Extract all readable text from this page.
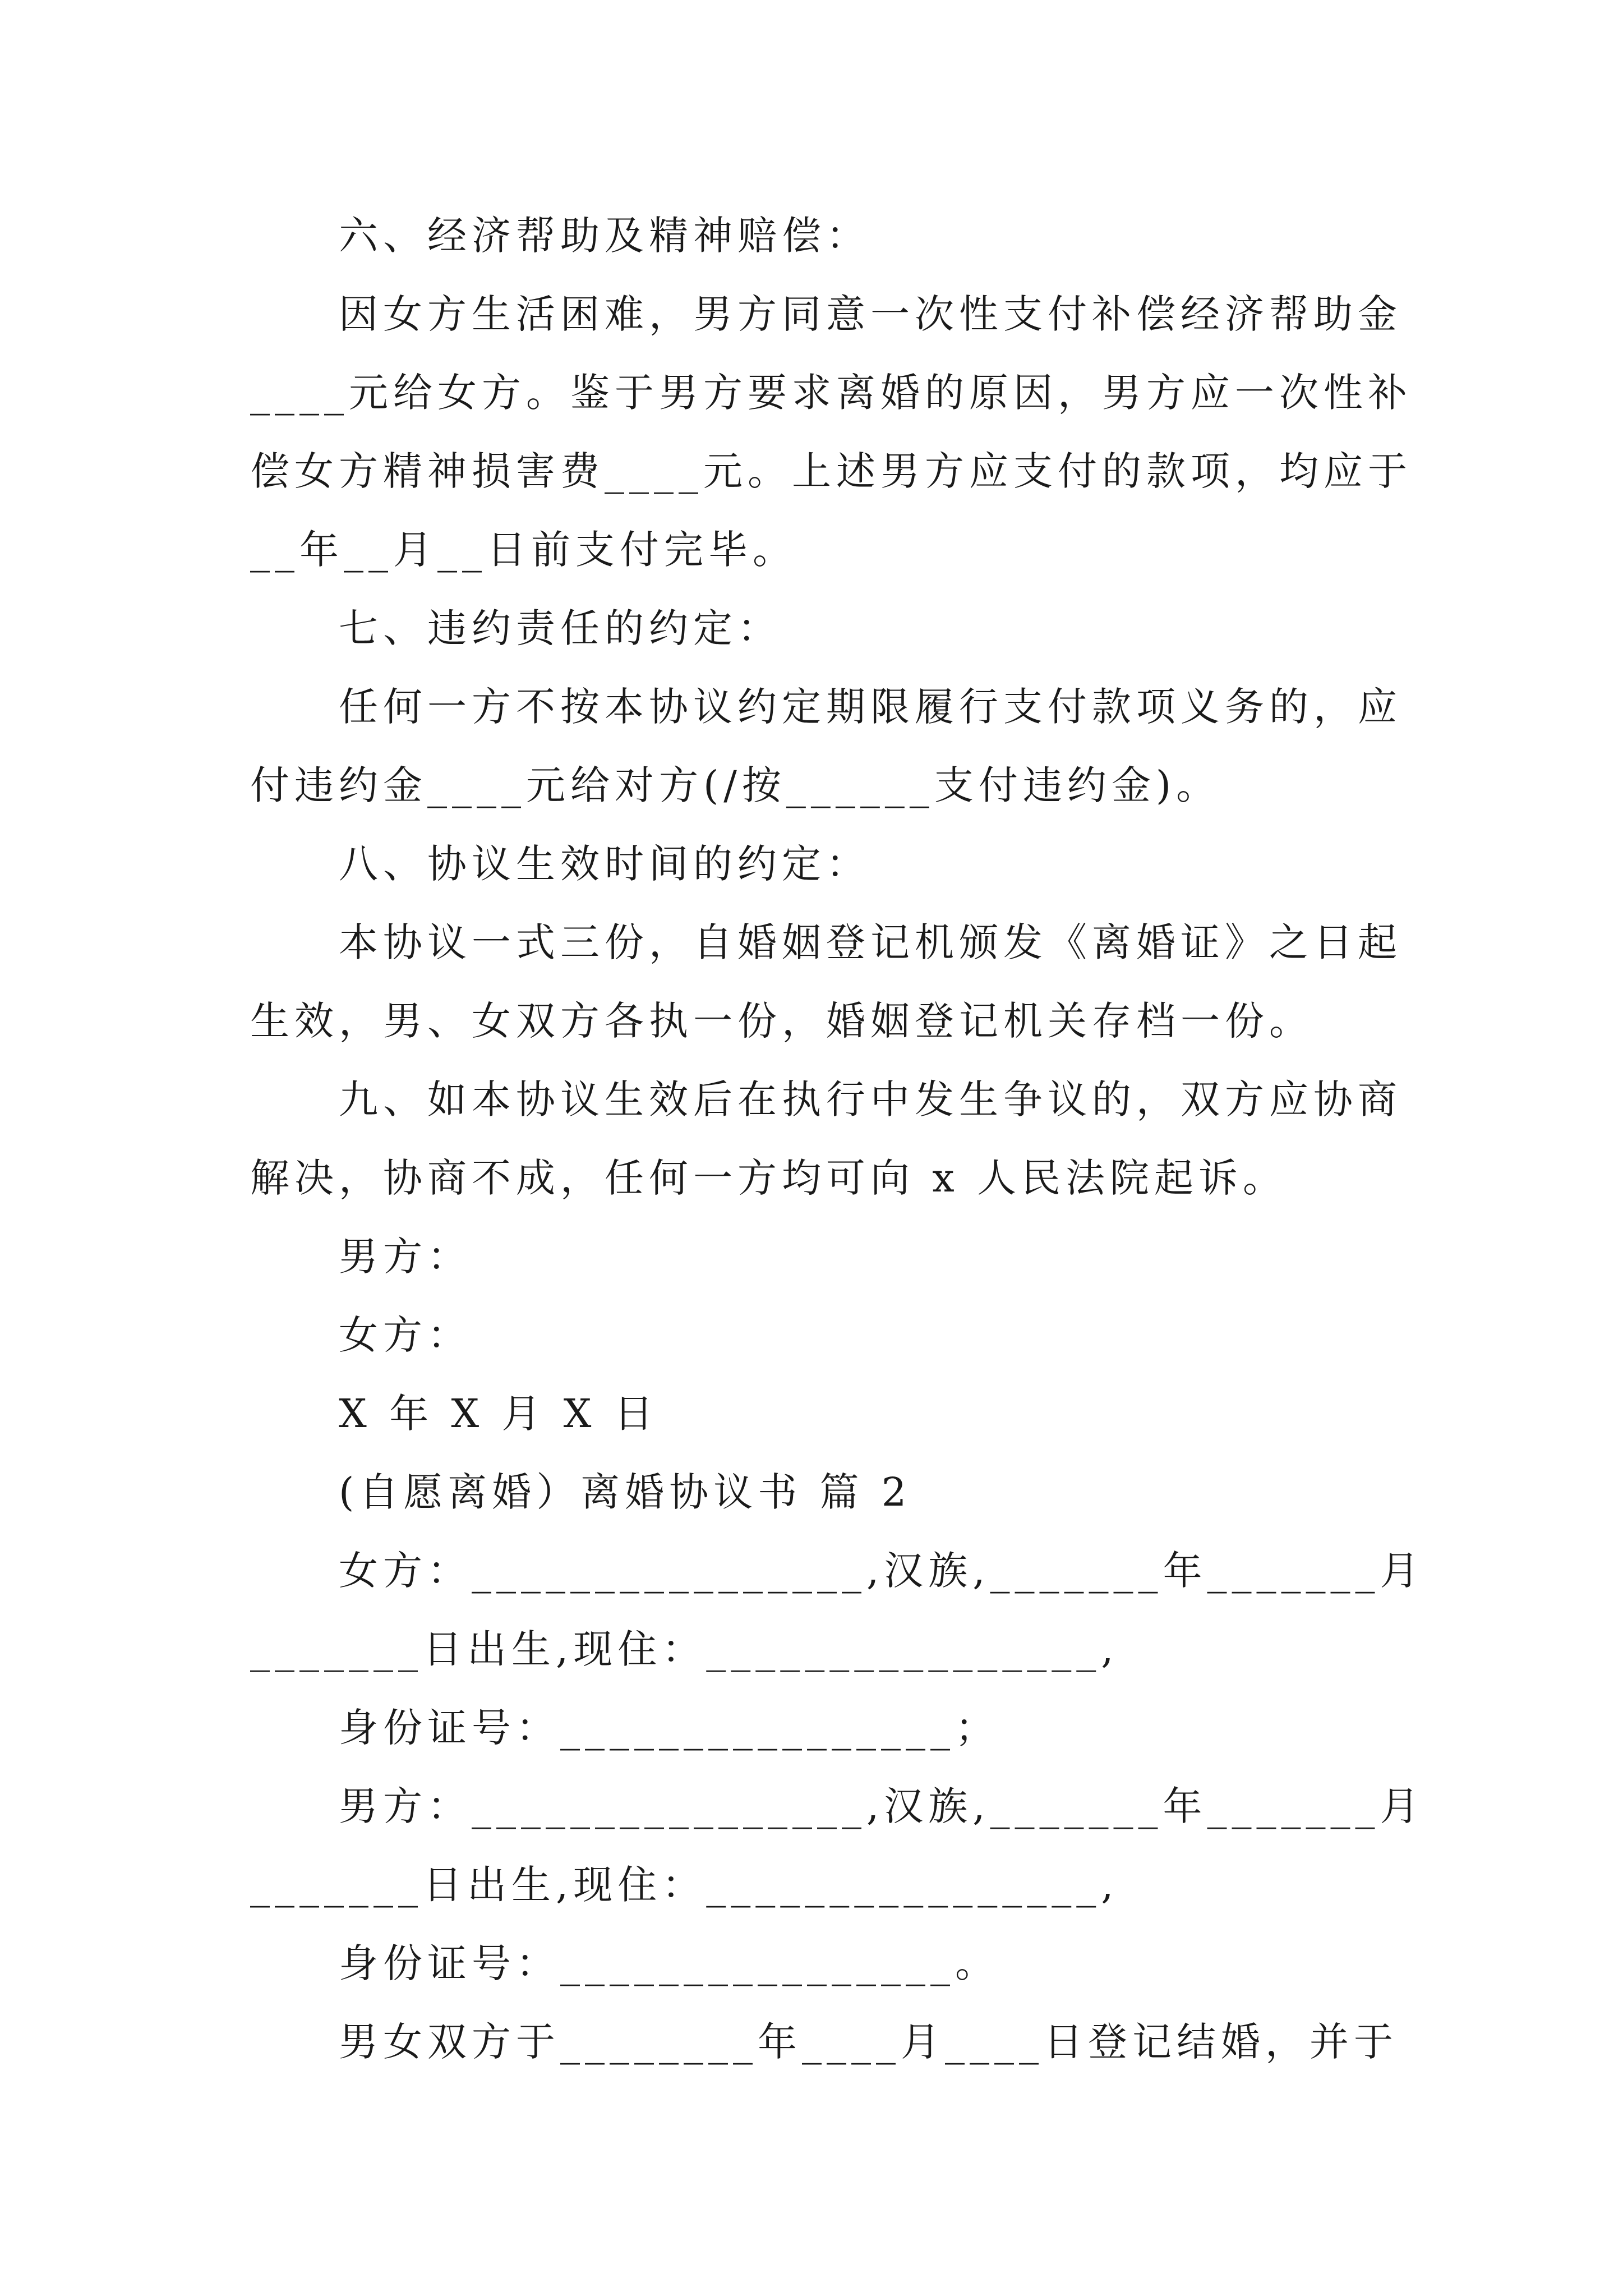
六、经济帮助及精神赔偿：
因女方生活困难，男方同意一次性支付补偿经济帮助金
____元给女方。鉴于男方要求离婚的原因，男方应一次性补
偿女方精神损害费____元。上述男方应支付的款项，均应于
__年__月__日前支付完毕。
七、违约责任的约定：
任何一方不按本协议约定期限履行支付款项义务的，应
付违约金____元给对方(/按______支付违约金)。
八、协议生效时间的约定：
本协议一式三份，自婚姻登记机颁发《离婚证》之日起
生效，男、女双方各执一份，婚姻登记机关存档一份。
九、如本协议生效后在执行中发生争议的，双方应协商
解决，协商不成，任何一方均可向 x 人民法院起诉。
男方：
女方：
X 年 X 月 X 日
(自愿离婚）离婚协议书 篇 2
女方：________________,汉族,_______年_______月
_______日出生,现住：________________,
身份证号：________________；
男方：________________,汉族,_______年_______月
_______日出生,现住：________________,
身份证号：________________。
男女双方于________年____月____日登记结婚，并于
